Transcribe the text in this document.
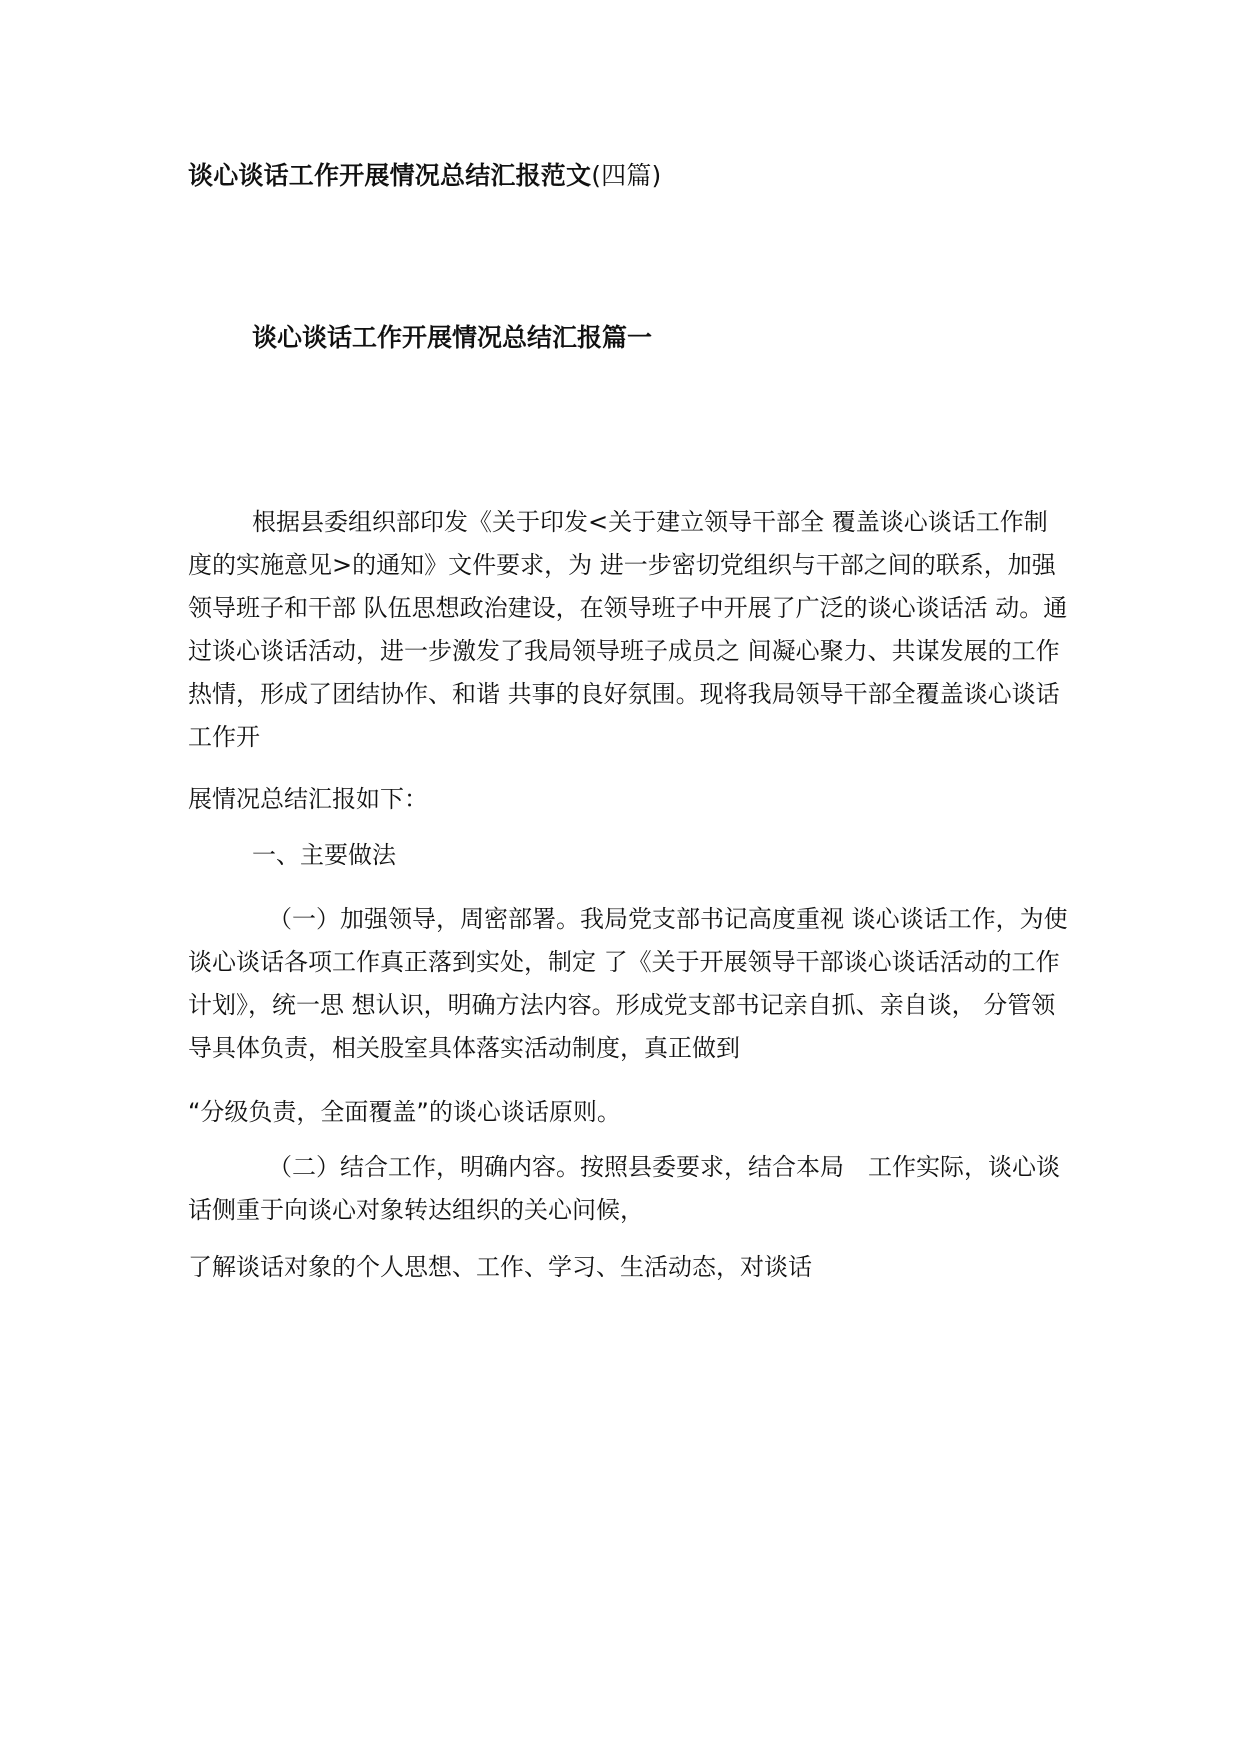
谈心谈话工作开展情况总结汇报范文(四篇)
谈心谈话工作开展情况总结汇报篇一

根据县委组织部印发《关于印发<关于建立领导干部全 覆盖谈心谈话工作制度的实施意见>的通知》文件要求，为 进一步密切党组织与干部之间的联系，加强领导班子和干部 队伍思想政治建设，在领导班子中开展了广泛的谈心谈话活 动。通过谈心谈话活动，进一步激发了我局领导班子成员之 间凝心聚力、共谋发展的工作热情，形成了团结协作、和谐 共事的良好氛围。现将我局领导干部全覆盖谈心谈话工作开

展情况总结汇报如下：
一、主要做法

（一）加强领导，周密部署。我局党支部书记高度重视 谈心谈话工作，为使谈心谈话各项工作真正落到实处，制定 了《关于开展领导干部谈心谈话活动的工作计划》，统一思 想认识，明确方法内容。形成党支部书记亲自抓、亲自谈， 分管领导具体负责，相关股室具体落实活动制度，真正做到

“分级负责，全面覆盖”的谈心谈话原则。

（二）结合工作，明确内容。按照县委要求，结合本局　工作实际，谈心谈话侧重于向谈心对象转达组织的关心问候，

了解谈话对象的个人思想、工作、学习、生活动态，对谈话
